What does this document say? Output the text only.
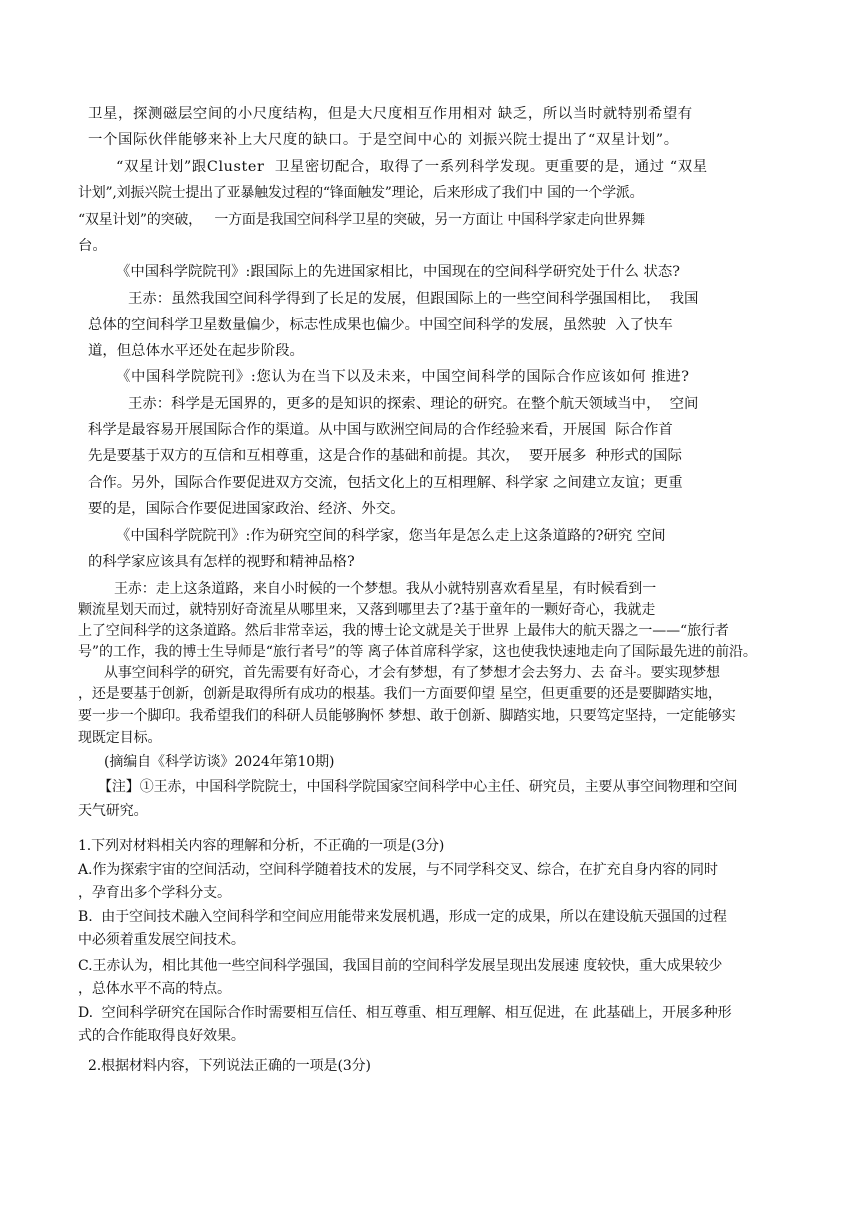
卫星，探测磁层空间的小尺度结构，但是大尺度相互作用相对 缺乏，所以当时就特别希望有
一个国际伙伴能够来补上大尺度的缺口。于是空间中心的 刘振兴院士提出了“双星计划”。
“双星计划”跟Cluster  卫星密切配合，取得了一系列科学发现。更重要的是，通过 “双星
计划”,刘振兴院士提出了亚暴触发过程的“锋面触发”理论，后来形成了我们中 国的一个学派。
“双星计划”的突破，   一方面是我国空间科学卫星的突破，另一方面让 中国科学家走向世界舞
台。
《中国科学院院刊》:跟国际上的先进国家相比，中国现在的空间科学研究处于什么 状态?
王赤：虽然我国空间科学得到了长足的发展，但跟国际上的一些空间科学强国相比，  我国
总体的空间科学卫星数量偏少，标志性成果也偏少。中国空间科学的发展，虽然驶  入了快车
道，但总体水平还处在起步阶段。
《中国科学院院刊》:您认为在当下以及未来，中国空间科学的国际合作应该如何 推进?
王赤：科学是无国界的，更多的是知识的探索、理论的研究。在整个航天领域当中，  空间
科学是最容易开展国际合作的渠道。从中国与欧洲空间局的合作经验来看，开展国  际合作首
先是要基于双方的互信和互相尊重，这是合作的基础和前提。其次，  要开展多  种形式的国际
合作。另外，国际合作要促进双方交流，包括文化上的互相理解、科学家 之间建立友谊；更重
要的是，国际合作要促进国家政治、经济、外交。
《中国科学院院刊》:作为研究空间的科学家，您当年是怎么走上这条道路的?研究 空间
的科学家应该具有怎样的视野和精神品格?
王赤：走上这条道路，来自小时候的一个梦想。我从小就特别喜欢看星星，有时候看到一
颗流星划天而过，就特别好奇流星从哪里来，又落到哪里去了?基于童年的一颗好奇心，我就走
上了空间科学的这条道路。然后非常幸运，我的博士论文就是关于世界 上最伟大的航天器之一——“旅行者
号”的工作，我的博士生导师是“旅行者号”的等 离子体首席科学家，这也使我快速地走向了国际最先进的前沿。
从事空间科学的研究，首先需要有好奇心，才会有梦想，有了梦想才会去努力、去 奋斗。要实现梦想
，还是要基于创新，创新是取得所有成功的根基。我们一方面要仰望 星空，但更重要的还是要脚踏实地，
要一步一个脚印。我希望我们的科研人员能够胸怀 梦想、敢于创新、脚踏实地，只要笃定坚持，一定能够实
现既定目标。
(摘编自《科学访谈》2024年第10期)
【注】①王赤，中国科学院院士，中国科学院国家空间科学中心主任、研究员，主要从事空间物理和空间
天气研究。
1.下列对材料相关内容的理解和分析，不正确的一项是(3分)
A.作为探索宇宙的空间活动，空间科学随着技术的发展，与不同学科交叉、综合，在扩充自身内容的同时
，孕育出多个学科分支。
B.  由于空间技术融入空间科学和空间应用能带来发展机遇，形成一定的成果，所以在建设航天强国的过程
中必须着重发展空间技术。
C.王赤认为，相比其他一些空间科学强国，我国目前的空间科学发展呈现出发展速 度较快，重大成果较少
，总体水平不高的特点。
D.  空间科学研究在国际合作时需要相互信任、相互尊重、相互理解、相互促进，在 此基础上，开展多种形
式的合作能取得良好效果。
2.根据材料内容，下列说法正确的一项是(3分)
